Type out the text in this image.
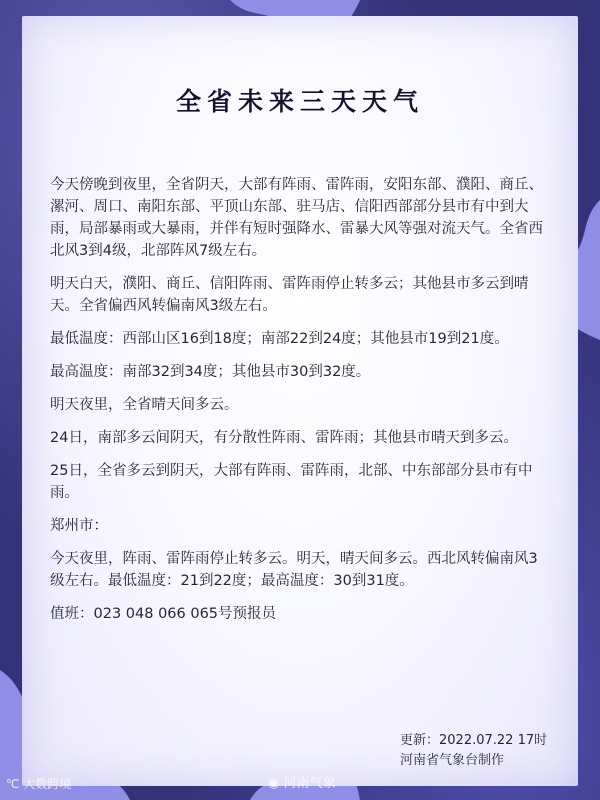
全省未来三天天气

今天傍晚到夜里，全省阴天，大部有阵雨、雷阵雨，安阳东部、濮阳、商丘、漯河、周口、南阳东部、平顶山东部、驻马店、信阳西部部分县市有中到大雨，局部暴雨或大暴雨，并伴有短时强降水、雷暴大风等强对流天气。全省西北风3到4级，北部阵风7级左右。

明天白天，濮阳、商丘、信阳阵雨、雷阵雨停止转多云；其他县市多云到晴天。全省偏西风转偏南风3级左右。

最低温度：西部山区16到18度；南部22到24度；其他县市19到21度。

最高温度：南部32到34度；其他县市30到32度。

明天夜里，全省晴天间多云。

24日，南部多云间阴天，有分散性阵雨、雷阵雨；其他县市晴天到多云。

25日，全省多云到阴天，大部有阵雨、雷阵雨，北部、中东部部分县市有中雨。

郑州市：

今天夜里，阵雨、雷阵雨停止转多云。明天，晴天间多云。西北风转偏南风3级左右。最低温度：21到22度；最高温度：30到31度。

值班：023 048 066 065号预报员

更新：2022.07.22 17时
河南省气象台制作
℃ 大数跨境	◉ 河南气象
